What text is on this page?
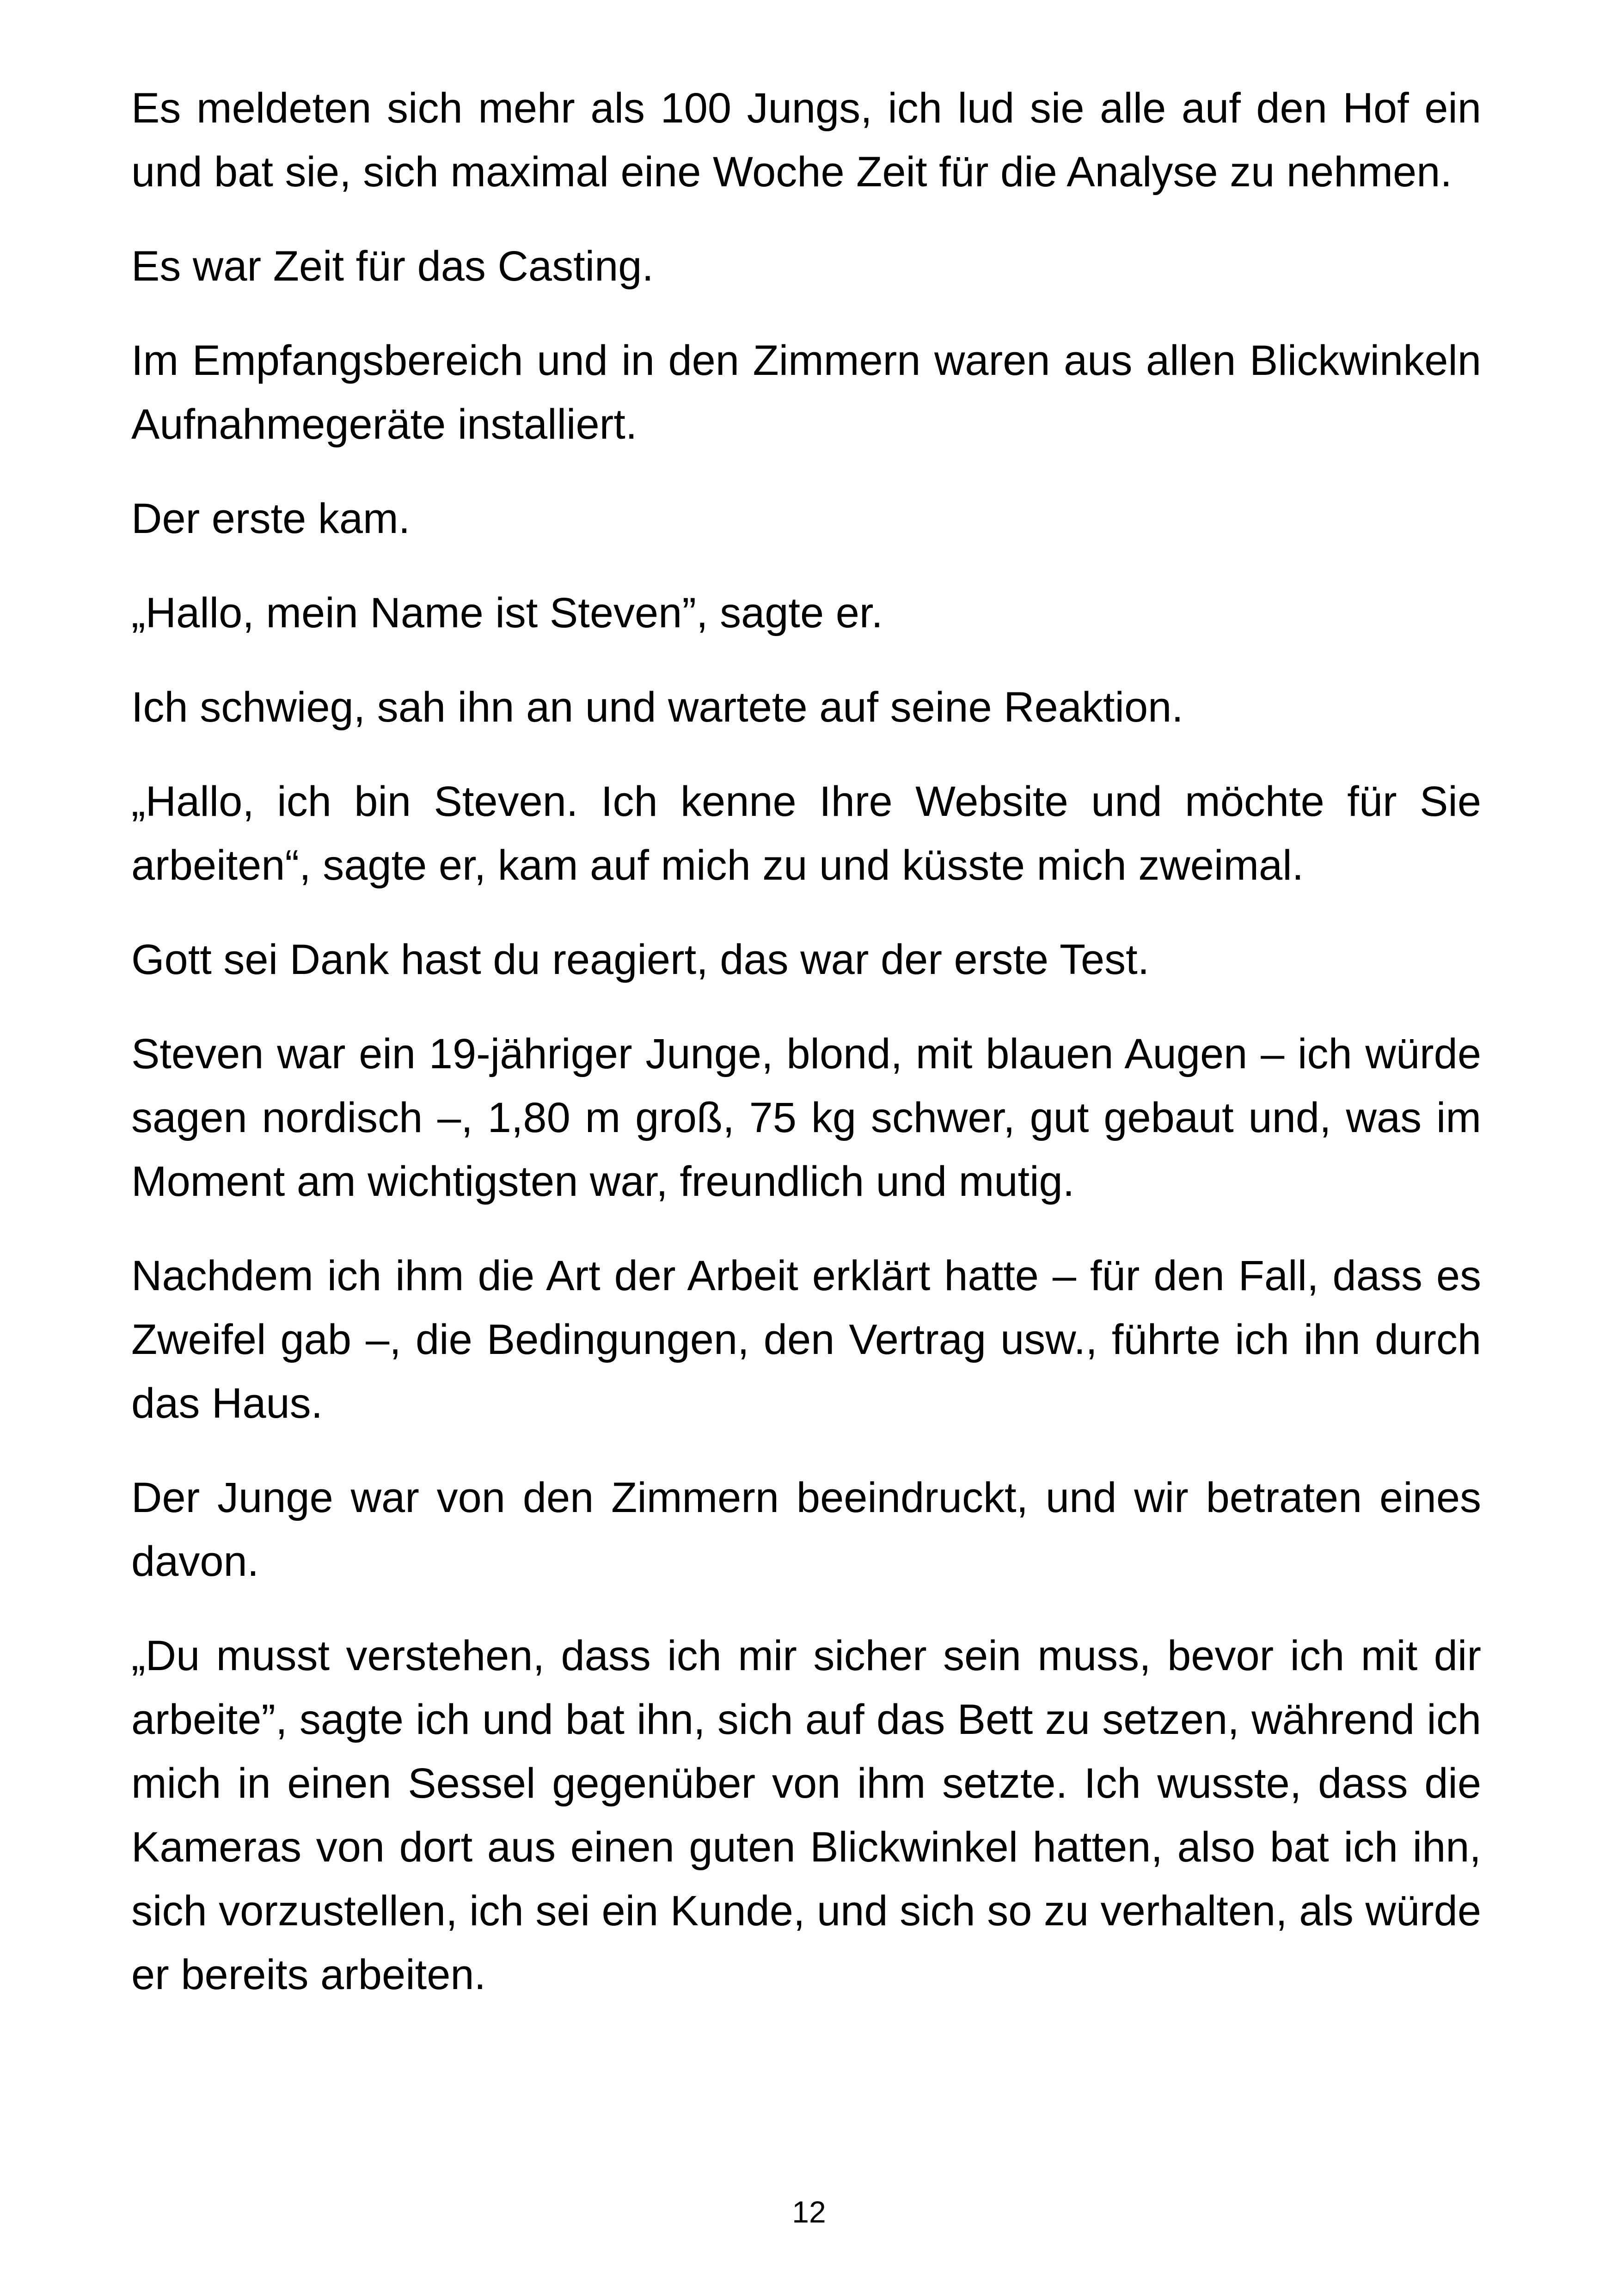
Es meldeten sich mehr als 100 Jungs, ich lud sie alle auf den Hof ein und bat sie, sich maximal eine Woche Zeit für die Analyse zu nehmen.

Es war Zeit für das Casting.

Im Empfangsbereich und in den Zimmern waren aus allen Blickwinkeln Aufnahmegeräte installiert.

Der erste kam.

„Hallo, mein Name ist Steven”, sagte er.

Ich schwieg, sah ihn an und wartete auf seine Reaktion.

„Hallo, ich bin Steven. Ich kenne Ihre Website und möchte für Sie arbeiten“, sagte er, kam auf mich zu und küsste mich zweimal.

Gott sei Dank hast du reagiert, das war der erste Test.

Steven war ein 19-jähriger Junge, blond, mit blauen Augen – ich würde sagen nordisch –, 1,80 m groß, 75 kg schwer, gut gebaut und, was im Moment am wichtigsten war, freundlich und mutig.

Nachdem ich ihm die Art der Arbeit erklärt hatte – für den Fall, dass es Zweifel gab –, die Bedingungen, den Vertrag usw., führte ich ihn durch das Haus.

Der Junge war von den Zimmern beeindruckt, und wir betraten eines davon.

„Du musst verstehen, dass ich mir sicher sein muss, bevor ich mit dir arbeite”, sagte ich und bat ihn, sich auf das Bett zu setzen, während ich mich in einen Sessel gegenüber von ihm setzte. Ich wusste, dass die Kameras von dort aus einen guten Blickwinkel hatten, also bat ich ihn, sich vorzustellen, ich sei ein Kunde, und sich so zu verhalten, als würde er bereits arbeiten.

12
